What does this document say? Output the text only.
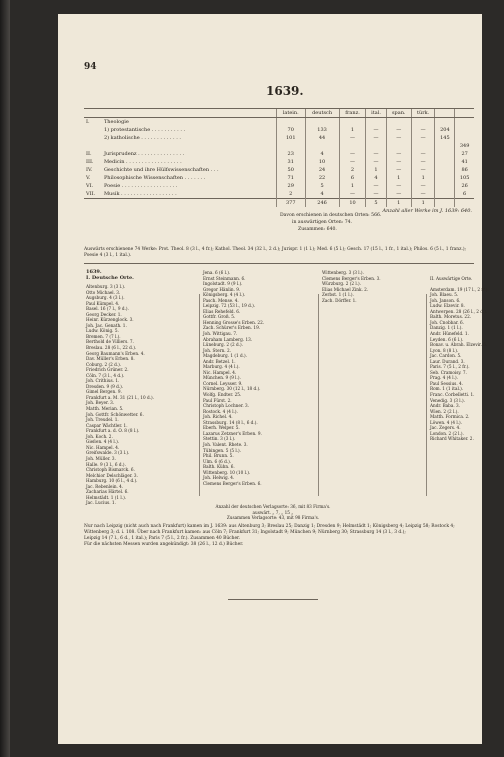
94
1639.
		latein.	deutsch	franz.	ital.	span.	türk.		
I.	Theologie								
	1) protestantische . . . . . . . . . . .	70	133	1	—	—	—	204	
	2) katholische . . . . . . . . . . . . .	101	44	—	—	—	—	145	
									349
II.	Jurisprudenz . . . . . . . . . . . . . . .	23	4	—	—	—	—		27
III.	Medicin . . . . . . . . . . . . . . . . . .	31	10	—	—	—	—		41
IV.	Geschichte und ihre Hülfswissenschaften . . .	50	24	2	1	—	—		86
V.	Philosophische Wissenschaften . . . . . . .	71	22	6	4	1	1		105
VI.	Poesie . . . . . . . . . . . . . . . . . .	29	5	1	—	—	—		26
VII.	Musik . . . . . . . . . . . . . . . . . .	2	4	—	—	—	—		6
		377	246	10	5	1	1		
Anzahl aller Werke im J. 1639: 640.									
Davon erschienen in deutschen Orten: 566.
in auswärtigen Orten: 74.
Zusammen: 640.
Auswärts erschienene 74 Werke: Prot. Theol. 8 (3 l., 4 fr.); Kathol. Theol. 34 (32 l., 2 d.); Jurispr. 1 (1 l.); Med. 6 (5 l.); Gesch. 17 (15 l., 1 fr., 1 ital.); Philos. 6 (5 l., 1 franz.); Poesie 4 (3 l., 1 ital.).
1639.
I. Deutsche Orte.
Altenburg. 3 (3 l.).
Otto Michael. 3.
Augsburg. 4 (3 l.).
Paul Kümpel. 4.
Basel. 16 (7 l., 9 d.).
Georg Decker. 1.
Heinr. Kürzenglock. 3.
Joh. Jac. Genath. 1.
Ludw. König. 5.
Bremen. 7 (7 l.).
Berthold de Villiers. 7.
Breslau. 28 (6 l., 22 d.).
Georg Baumann's Erben. 4.
Dav. Müller's Erben. 8.
Coburg. 2 (2 d.).
Friedrich Grüner. 2.
Cöln. 7 (3 l., 4 d.).
Joh. Crithius. 1.
Dresden. 9 (9 d.).
Gimel Bergen. 9.
Frankfurt a. M. 31 (21 l., 10 d.).
Joh. Beyer. 3.
Matth. Merian. 5.
Joh. Gottfr. Schönwetter. 6.
Joh. Treudel. 1.
Caspar Wächtler. 1.
Frankfurt a. d. O. 8 (8 l.).
Joh. Koch. 2.
Gießen. 4 (4 l.).
Nic. Hampel. 4.
Greifswalde. 3 (3 l.).
Joh. Müller. 3.
Halle. 9 (3 l., 6 d.).
Christoph Bismarck. 6.
Melchior Delschläger. 3.
Hamburg. 10 (6 l., 4 d.).
Jac. Rebenlein. 4.
Zacharias Härtel. 6.
Helmstädt. 1 (1 l.).
Jac. Lucius. 1.
Jena. 6 (6 l.).
Ernst Steinmann. 6.
Ingolstadt. 9 (9 l.).
Gregor Hänlin. 9.
Königsberg. 4 (4 l.).
Pasch. Mense. 4.
Leipzig. 72 (53 l., 19 d.).
Elias Rehefeld. 6.
Gottfr. Groß. 5.
Henning Grosse's Erben. 22.
Zach. Schürer's Erben. 19.
Joh. Wittigau. 7.
Abraham Lamberg. 13.
Lüneburg. 2 (2 d.).
Joh. Stern. 2.
Magdeburg. 1 (1 d.).
Andr. Betzel. 1.
Marburg. 4 (4 l.).
Nic. Hampel. 4.
München. 9 (9 l.).
Cornel. Leysser. 9.
Nürnberg. 30 (12 l., 18 d.).
Wolfg. Endter. 25.
Paul Fürst. 2.
Christoph Lochner. 3.
Rostock. 4 (4 l.).
Joh. Richel. 4.
Strassburg. 14 (8 l., 6 d.).
Eberh. Welper. 5.
Lazarus Zetzner's Erben. 9.
Stettin. 3 (3 l.).
Joh. Valent. Rhete. 3.
Tübingen. 5 (5 l.).
Phil. Brunn. 5.
Ulm. 6 (6 d.).
Balth. Kühn. 6.
Wittenberg. 10 (10 l.).
Joh. Helwig. 4.
Clemens Berger's Erben. 6.
Wittenberg. 3 (3 l.).
Clemens Berger's Erben. 3.
Würzburg. 2 (2 l.).
Elias Michael Zink. 2.
Zerbst. 1 (1 l.).
Zach. Dörffer. 1.
II. Auswärtige Orte.
Amsterdam. 19 (17 l., 2 fr.).
Joh. Blaeu. 5.
Joh. Janson. 6.
Ludw. Elzevir. 8.
Antwerpen. 28 (26 l., 2 d.).
Balth. Moretus. 22.
Joh. Cnobbar. 6.
Danzig. 1 (1 l.).
Andr. Hünefeld. 1.
Leyden. 6 (6 l.).
Bonav. u. Abrah. Elzevir. 6.
Lyon. 8 (8 l.).
Jac. Cardon. 5.
Laur. Durand. 3.
Paris. 7 (5 l., 2 fr.).
Seb. Cramoisy. 7.
Prag. 4 (4 l.).
Paul Sessius. 4.
Rom. 1 (1 ital.).
Franc. Corbelletti. 1.
Venedig. 3 (3 l.).
Andr. Baba. 3.
Wien. 2 (2 l.).
Matth. Formica. 2.
Löwen. 4 (4 l.).
Jac. Zegers. 4.
London. 2 (2 l.).
Richard Whitaker. 2.
Anzahl der deutschen Verlagsorte: 36, mit 83 Firma's.
auswärt. „ 7, „ 15 „
Zusammen Verlagsorte: 43, mit 98 Firma's.
Nur nach Leipzig (nicht auch nach Frankfurt) kamen im J. 1639: aus Altenburg 3; Breslau 25; Danzig 1; Dresden 9; Helmstädt 1; Königsberg 4; Leipzig 58; Rostock 4; Wittenberg 3; d. i. 108. Über nach Frankfurt kamen: aus Cöln 7; Frankfurt 31; Ingolstadt 9; München 9; Nürnberg 30; Strassburg 14 (3 l., 3 d.);
Leipzig 14 (7 l., 6 d., 1 ital.); Paris 7 (5 l., 2 fr.). Zusammen 40 Bücher.
Für die nächsten Messen wurden angekündigt: 38 (26 l., 12 d.) Bücher.
